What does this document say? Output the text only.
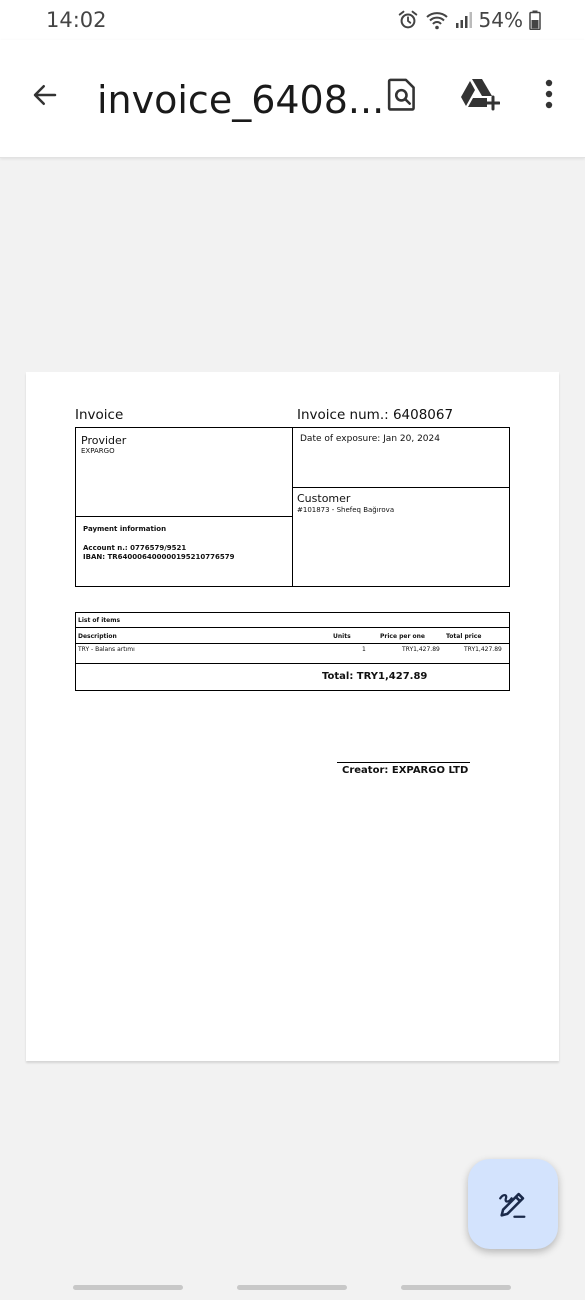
14:02	54%
invoice_6408...
Invoice	Invoice num.: 6408067
Provider
EXPARGO
Payment information
Account n.: 0776579/9521
IBAN: TR640006400000195210776579
Date of exposure: Jan 20, 2024
Customer
#101873 - Shefeq Bağırova
List of items
Description	Units	Price per one	Total price
TRY - Balans artımı	1	TRY1,427.89	TRY1,427.89
Total: TRY1,427.89
Creator: EXPARGO LTD
